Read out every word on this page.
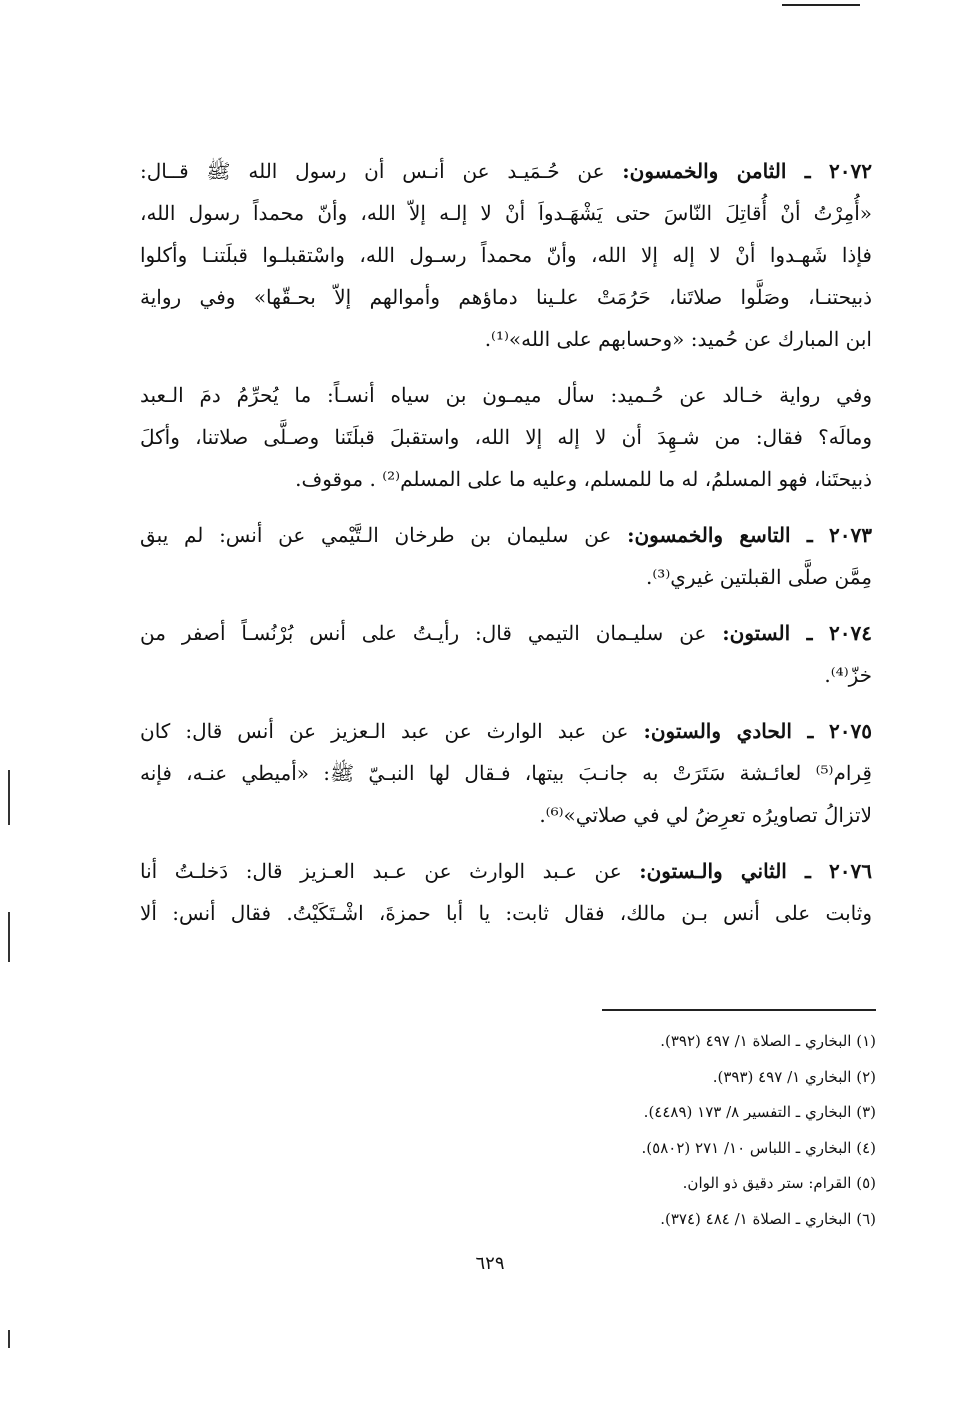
٢٠٧٢ ـ الثامن والخمسون: عن حُـمَيـد عن أنـس أن رسول الله ﷺ قــال:
«أُمِرْتُ أنْ أُقاتِلَ النّاسَ حتى يَشْهَـدواَ أنْ لا إلـه إلاّ الله، وأنّ محمداً رسول الله،
فإذا شَهـدوا أنْ لا إله إلا الله، وأنّ محمداً رسـول الله، واسْتقبلـوا قبلَتنـا وأكلوا
ذبيحتنـا، وصَلَّوا صلاتَنا، حَرُمَتْ علـينا دماؤهم وأموالهم إلاّ بحـقّها» وفي رواية
ابن المبارك عن حُميد: «وحسابهم على الله»⁽¹⁾.
وفي رواية خـالد عن حُـميد: سأل ميمـون بن سياه أنسـاً: ما يُحرِّمُ دمَ الـعبد
ومالَه؟ فقال: من شـهِدَ أن لا إله إلا الله، واستقبلَ قبلَتَنا وصـلَّى صلاتنا، وأكلَ
ذبيحتَنا، فهو المسلمُ، له ما للمسلم، وعليه ما على المسلم⁽²⁾ . موقوف.
٢٠٧٣ ـ التاسع والخمسون: عن سليمان بن طرخان الـتَّيْمي عن أنس: لم يبق
مِمَّن صلَّى القبلتين غيري⁽³⁾.
٢٠٧٤ ـ الستون: عن سليـمان التيمي قال: رأيـتُ على أنس بُرْنُسـاً أصفر من
خزّ⁽⁴⁾.
٢٠٧٥ ـ الحادي والستون: عن عبد الوارث عن عبد الـعزيز عن أنس قال: كان
قِرام⁽⁵⁾ لعائـشة سَتَرَتْ به جانـبَ بيتها، فـقال لها النبـيّ ﷺ: «أميطي عنـه، فإنه
لاتزالُ تصاويرُه تعرِضُ لي في صلاتي»⁽⁶⁾.
٢٠٧٦ ـ الثاني والـستون: عن عـبد الوارث عن عـبد العـزيز قال: دَخلـتُ أنا
وثابت على أنس بـن مالك، فقال ثابت: يا أبا حمزةَ، اشْـتَكَيْتُ. فقال أنس: ألا
(١) البخاري ـ الصلاة ١/ ٤٩٧ (٣٩٢).
(٢) البخاري ١/ ٤٩٧ (٣٩٣).
(٣) البخاري ـ التفسير ٨/ ١٧٣ (٤٤٨٩).
(٤) البخاري ـ اللباس ١٠/ ٢٧١ (٥٨٠٢).
(٥) القرام: ستر دقيق ذو الوان.
(٦) البخاري ـ الصلاة ١/ ٤٨٤ (٣٧٤).
٦٢٩
